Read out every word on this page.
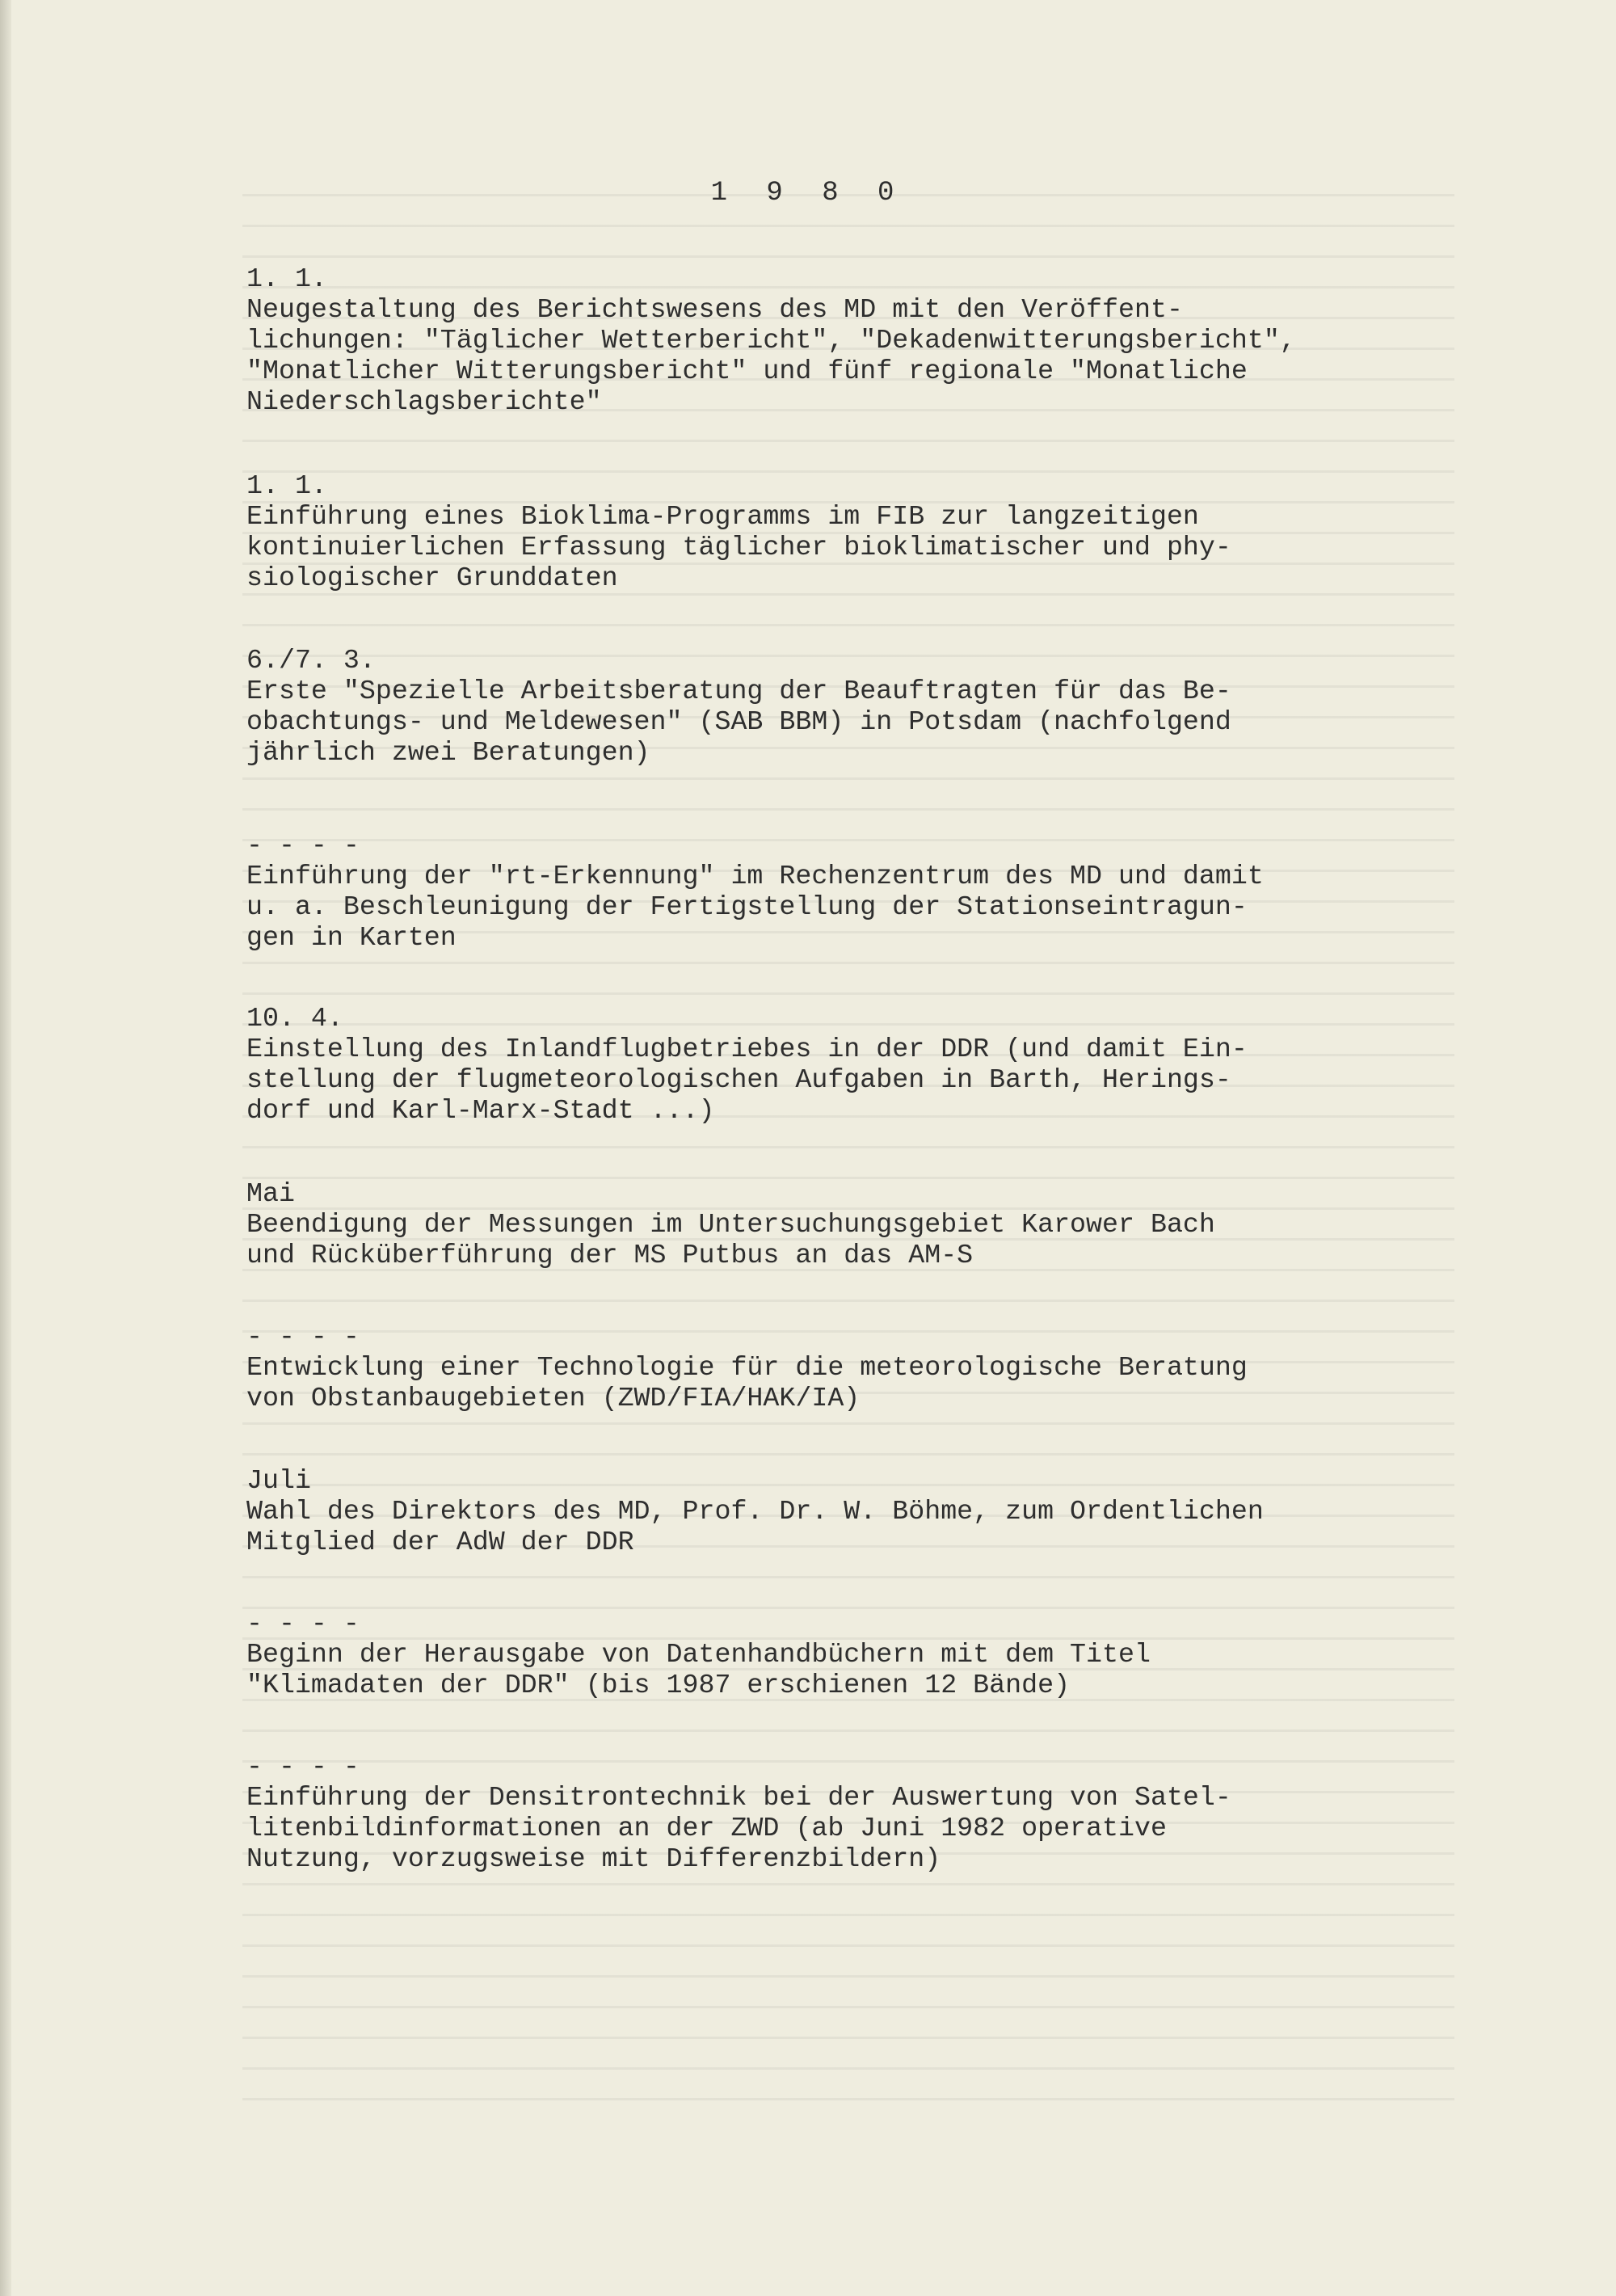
1 9 8 0
1. 1.
Neugestaltung des Berichtswesens des MD mit den Veröffent-
lichungen: "Täglicher Wetterbericht", "Dekadenwitterungsbericht",
"Monatlicher Witterungsbericht" und fünf regionale "Monatliche
Niederschlagsberichte"
1. 1.
Einführung eines Bioklima-Programms im FIB zur langzeitigen
kontinuierlichen Erfassung täglicher bioklimatischer und phy-
siologischer Grunddaten
6./7. 3.
Erste "Spezielle Arbeitsberatung der Beauftragten für das Be-
obachtungs- und Meldewesen" (SAB BBM) in Potsdam (nachfolgend
jährlich zwei Beratungen)
- - - -
Einführung der "rt-Erkennung" im Rechenzentrum des MD und damit
u. a. Beschleunigung der Fertigstellung der Stationseintragun-
gen in Karten
10. 4.
Einstellung des Inlandflugbetriebes in der DDR (und damit Ein-
stellung der flugmeteorologischen Aufgaben in Barth, Herings-
dorf und Karl-Marx-Stadt ...)
Mai
Beendigung der Messungen im Untersuchungsgebiet Karower Bach
und Rücküberführung der MS Putbus an das AM-S
- - - -
Entwicklung einer Technologie für die meteorologische Beratung
von Obstanbaugebieten (ZWD/FIA/HAK/IA)
Juli
Wahl des Direktors des MD, Prof. Dr. W. Böhme, zum Ordentlichen
Mitglied der AdW der DDR
- - - -
Beginn der Herausgabe von Datenhandbüchern mit dem Titel
"Klimadaten der DDR" (bis 1987 erschienen 12 Bände)
- - - -
Einführung der Densitrontechnik bei der Auswertung von Satel-
litenbildinformationen an der ZWD (ab Juni 1982 operative
Nutzung, vorzugsweise mit Differenzbildern)
